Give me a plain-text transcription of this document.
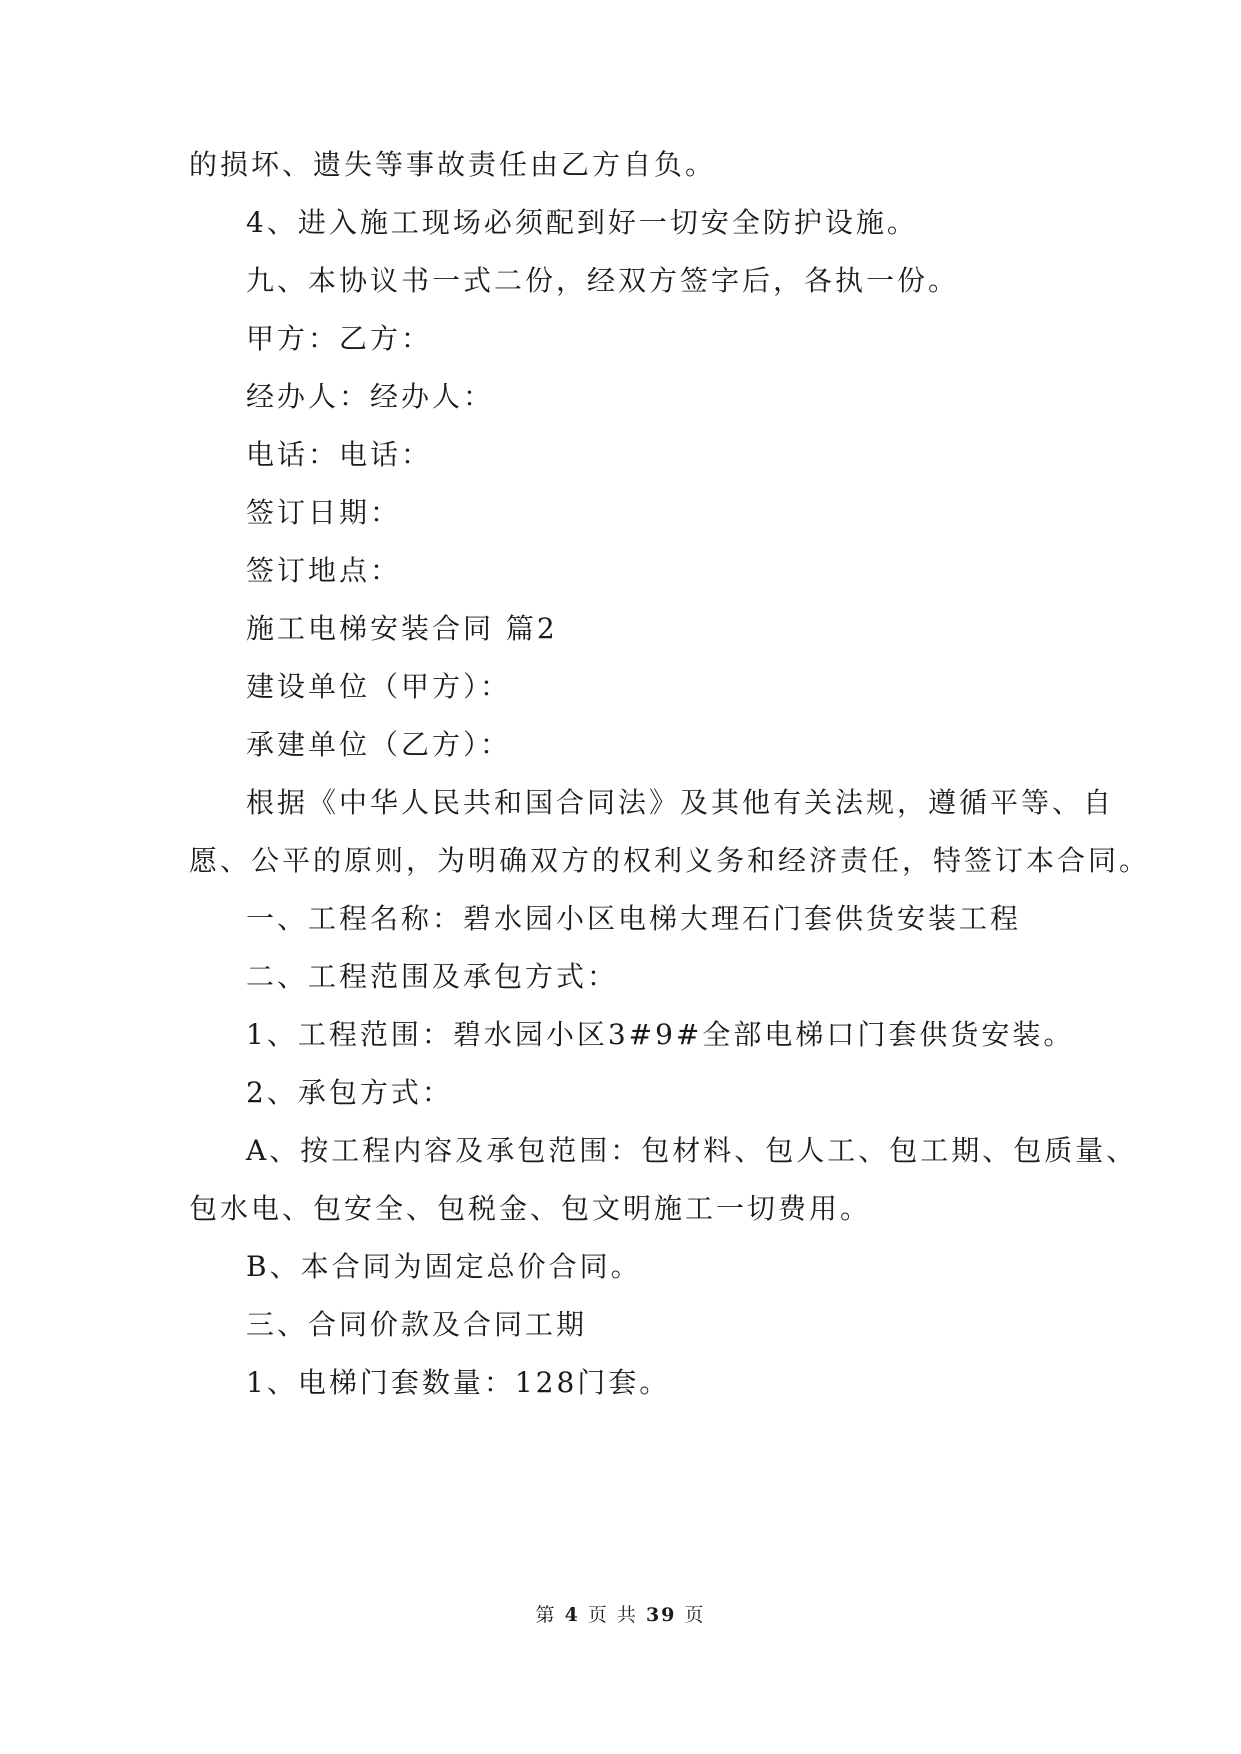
的损坏、遗失等事故责任由乙方自负。
4、进入施工现场必须配到好一切安全防护设施。
九、本协议书一式二份，经双方签字后，各执一份。
甲方：乙方：
经办人：经办人：
电话：电话：
签订日期：
签订地点：
施工电梯安装合同 篇2
建设单位（甲方）：
承建单位（乙方）：
根据《中华人民共和国合同法》及其他有关法规，遵循平等、自
愿、公平的原则，为明确双方的权利义务和经济责任，特签订本合同。
一、工程名称：碧水园小区电梯大理石门套供货安装工程
二、工程范围及承包方式：
1、工程范围：碧水园小区3#9#全部电梯口门套供货安装。
2、承包方式：
A、按工程内容及承包范围：包材料、包人工、包工期、包质量、
包水电、包安全、包税金、包文明施工一切费用。
B、本合同为固定总价合同。
三、合同价款及合同工期
1、电梯门套数量：128门套。
第 4 页 共 39 页
